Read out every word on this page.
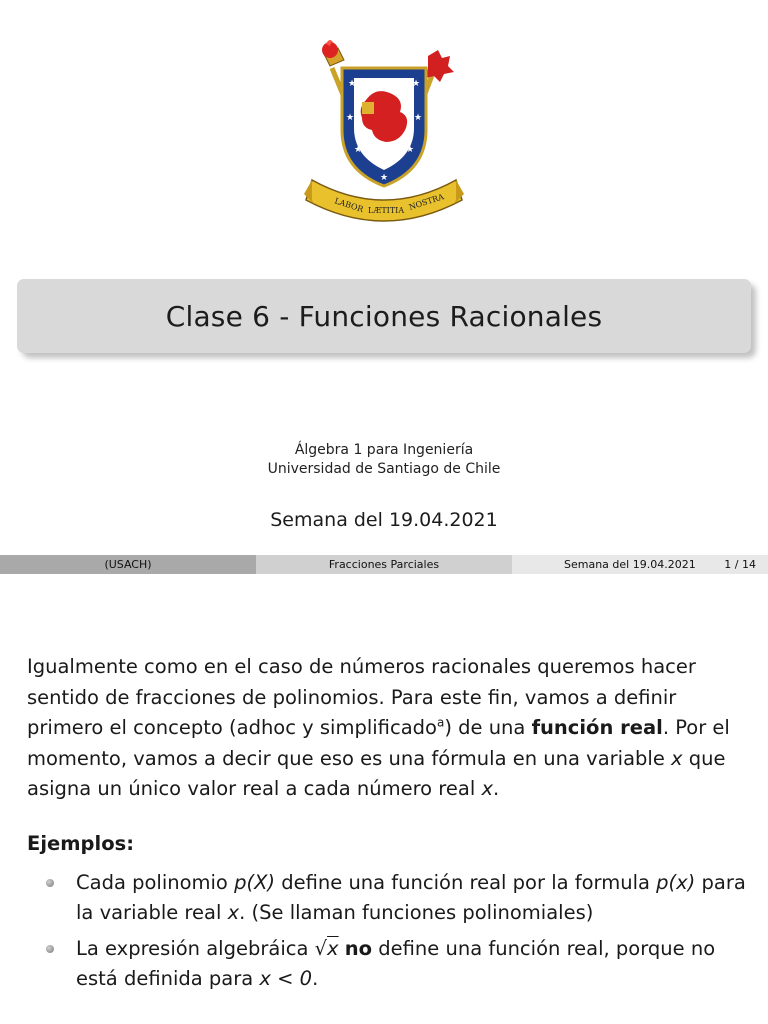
★	★
★	★
★	★
★
LABOR LÆTITIA NOSTRA
Clase 6 - Funciones Racionales
Álgebra 1 para Ingeniería
Universidad de Santiago de Chile
Semana del 19.04.2021
(USACH)	Fracciones Parciales	Semana del 19.04.2021	1 / 14
Igualmente como en el caso de números racionales queremos hacer sentido de fracciones de polinomios. Para este fin, vamos a definir primero el concepto (adhoc y simplificado$^a$) de una función real. Por el momento, vamos a decir que eso es una fórmula en una variable x que asigna un único valor real a cada número real x.
Ejemplos:
Cada polinomio p(X) define una función real por la formula p(x) para la variable real x. (Se llaman funciones polinomiales)
La expresión algebráica √x no define una función real, porque no está definida para x < 0.
